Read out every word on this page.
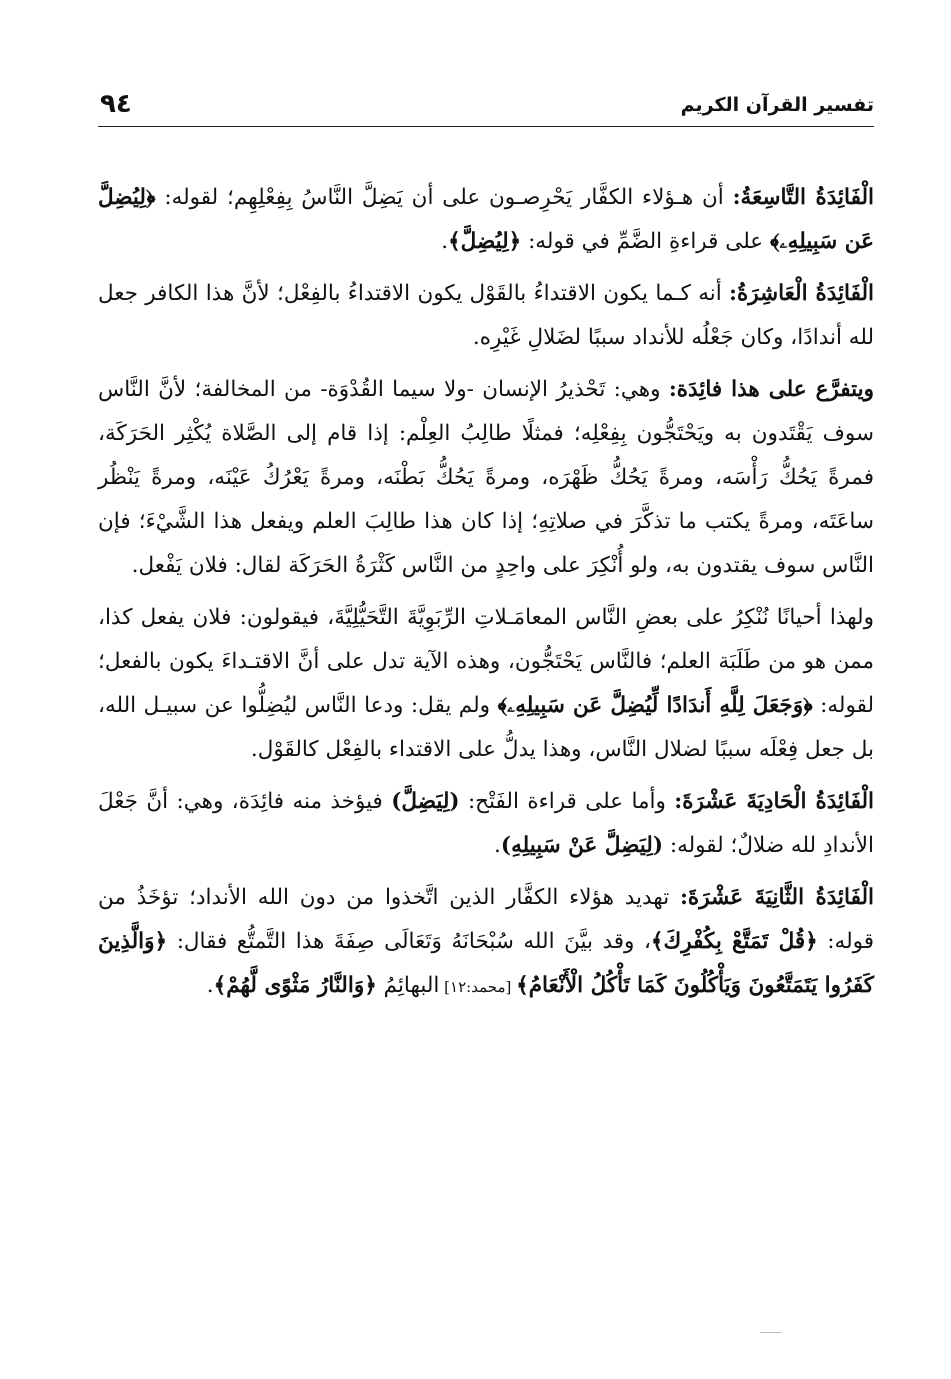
تفسير القرآن الكريم
٩٤

الْفَائِدَةُ التَّاسِعَةُ: أن هـؤلاء الكفَّار يَحْرِصـون على أن يَضِلَّ النَّاسُ بِفِعْلِهِم؛ لقوله: ﴿لِيُضِلَّ عَن سَبِيلِهِۦ﴾ على قراءةِ الضَّمِّ في قوله: ﴿لِيُضِلَّ﴾.

الْفَائِدَةُ الْعَاشِرَةُ: أنه كـما يكون الاقتداءُ بالقَوْل يكون الاقتداءُ بالفِعْل؛ لأنَّ هذا الكافر جعل لله أندادًا، وكان جَعْلُه للأنداد سببًا لضَلالِ غَيْرِه.

ويتفرَّع على هذا فائِدَة: وهي: تَحْذيرُ الإنسان -ولا سيما القُدْوَة- من المخالفة؛ لأنَّ النَّاس سوف يَقْتَدون به ويَحْتَجُّون بِفِعْلِه؛ فمثلًا طالِبُ العِلْم: إذا قام إلى الصَّلاة يُكْثِر الحَرَكَة، فمرةً يَحُكُّ رَأْسَه، ومرةً يَحُكُّ ظَهْرَه، ومرةً يَحُكُّ بَطْنَه، ومرةً يَعْرُكُ عَيْنَه، ومرةً يَنْظُر ساعَتَه، ومرةً يكتب ما تذكَّرَ في صلاتِهِ؛ إذا كان هذا طالِبَ العلم ويفعل هذا الشَّيْءَ؛ فإن النَّاس سوف يقتدون به، ولو أُنْكِرَ على واحِدٍ من النَّاس كَثْرَةُ الحَرَكَة لقال: فلان يَفْعل.

ولهذا أحيانًا نُنْكِرُ على بعضِ النَّاس المعامَـلاتِ الرِّبَوِيَّةَ التَّحَيُّلِيَّةَ، فيقولون: فلان يفعل كذا، ممن هو من طَلَبَة العلم؛ فالنَّاس يَحْتَجُّون، وهذه الآية تدل على أنَّ الاقتـداءَ يكون بالفعل؛ لقوله: ﴿وَجَعَلَ لِلَّهِ أَندَادًا لِّيُضِلَّ عَن سَبِيلِهِۦ﴾ ولم يقل: ودعا النَّاس ليُضِلُّوا عن سبيـل الله، بل جعل فِعْلَه سببًا لضلال النَّاس، وهذا يدلُّ على الاقتداء بالفِعْل كالقَوْل.

الْفَائِدَةُ الْحَادِيَةَ عَشْرَةَ: وأما على قراءة الفَتْح: (لِيَضِلَّ) فيؤخذ منه فائِدَة، وهي: أنَّ جَعْلَ الأندادِ لله ضلالٌ؛ لقوله: (لِيَضِلَّ عَنْ سَبِيلِهِ).

الْفَائِدَةُ الثَّانِيَةَ عَشْرَةَ: تهديد هؤلاء الكفَّار الذين اتَّخذوا من دون الله الأنداد؛ تؤخَذُ من قوله: ﴿قُلْ تَمَتَّعْ بِكُفْرِكَ﴾، وقد بيَّنَ الله سُبْحَانَهُ وَتَعَالَى صِفَةَ هذا التَّمتُّع فقال: ﴿وَالَّذِينَ كَفَرُوا يَتَمَتَّعُونَ وَيَأْكُلُونَ كَمَا تَأْكُلُ الْأَنْعَامُ﴾ [محمد:١٢] البهائِمُ ﴿وَالنَّارُ مَثْوًى لَّهُمْ﴾.
